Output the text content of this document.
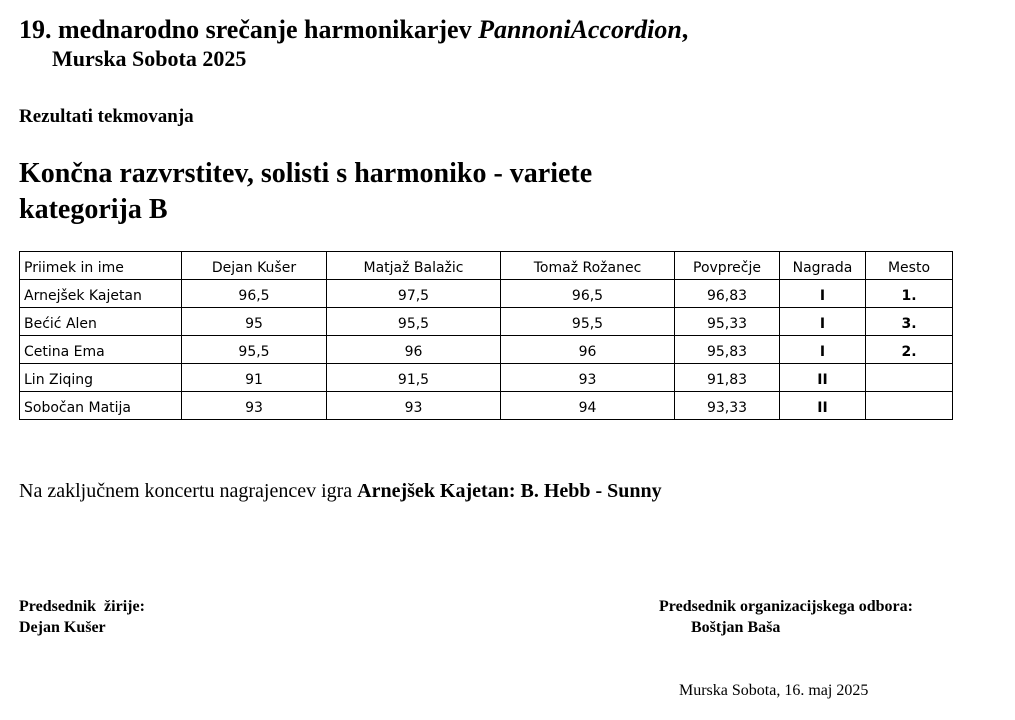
19. mednarodno srečanje harmonikarjev PannoniAccordion,
Murska Sobota 2025
Rezultati tekmovanja
Končna razvrstitev, solisti s harmoniko - variete
kategorija B
Priimek in ime	Dejan Kušer	Matjaž Balažic	Tomaž Rožanec	Povprečje	Nagrada	Mesto
Arnejšek Kajetan	96,5	97,5	96,5	96,83	I	1.
Bećić Alen	95	95,5	95,5	95,33	I	3.
Cetina Ema	95,5	96	96	95,83	I	2.
Lin Ziqing	91	91,5	93	91,83	II	
Sobočan Matija	93	93	94	93,33	II	
Na zaključnem koncertu nagrajencev igra Arnejšek Kajetan: B. Hebb - Sunny
Predsednik  žirije:
Dejan Kušer
Predsednik organizacijskega odbora:
Boštjan Baša
Murska Sobota, 16. maj 2025
